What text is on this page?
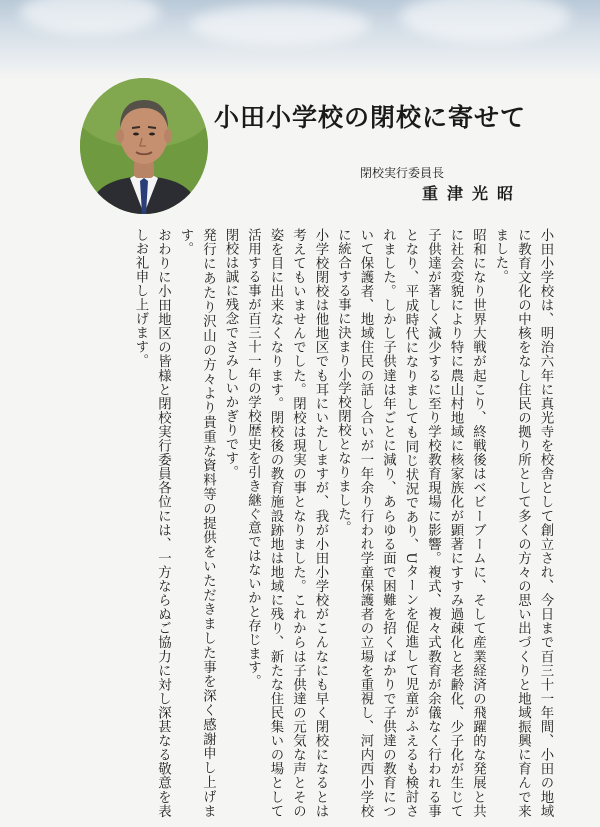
小田小学校の閉校に寄せて
閉校実行委員長
重津光昭

小田小学校は、明治六年に真光寺を校舎として創立され、今日まで百三十一年間、小田の地域に教育文化の中核をなし住民の拠り所として多くの方々の思い出づくりと地域振興に育んで来ました。

昭和になり世界大戦が起こり、終戦後はベビーブームに、そして産業経済の飛躍的な発展と共に社会変貌により特に農山村地域に核家族化が顕著にすすみ過疎化と老齢化、少子化が生じて子供達が著しく減少するに至り学校教育現場に影響。複式、複々式教育が余儀なく行われる事となり、平成時代になりましても同じ状況であり、Uターンを促進して児童がふえるも検討されました。しかし子供達は年ごとに減り、あらゆる面で困難を招くばかりで子供達の教育について保護者、地域住民の話し合いが一年余り行われ学童保護者の立場を重視し、河内西小学校に統合する事に決まり小学校閉校となりました。

小学校閉校は他地区でも耳にいたしますが、我が小田小学校がこんなにも早く閉校になるとは考えてもいませんでした。閉校は現実の事となりました。これからは子供達の元気な声とその姿を目に出来なくなります。閉校後の教育施設跡地は地域に残り、新たな住民集いの場として活用する事が百三十一年の学校歴史を引き継ぐ意ではないかと存じます。

閉校は誠に残念でさみしいかぎりです。

発行にあたり沢山の方々より貴重な資料等の提供をいただきました事を深く感謝申し上げます。

おわりに小田地区の皆様と閉校実行委員各位には、一方ならぬご協力に対し深甚なる敬意を表しお礼申し上げます。
